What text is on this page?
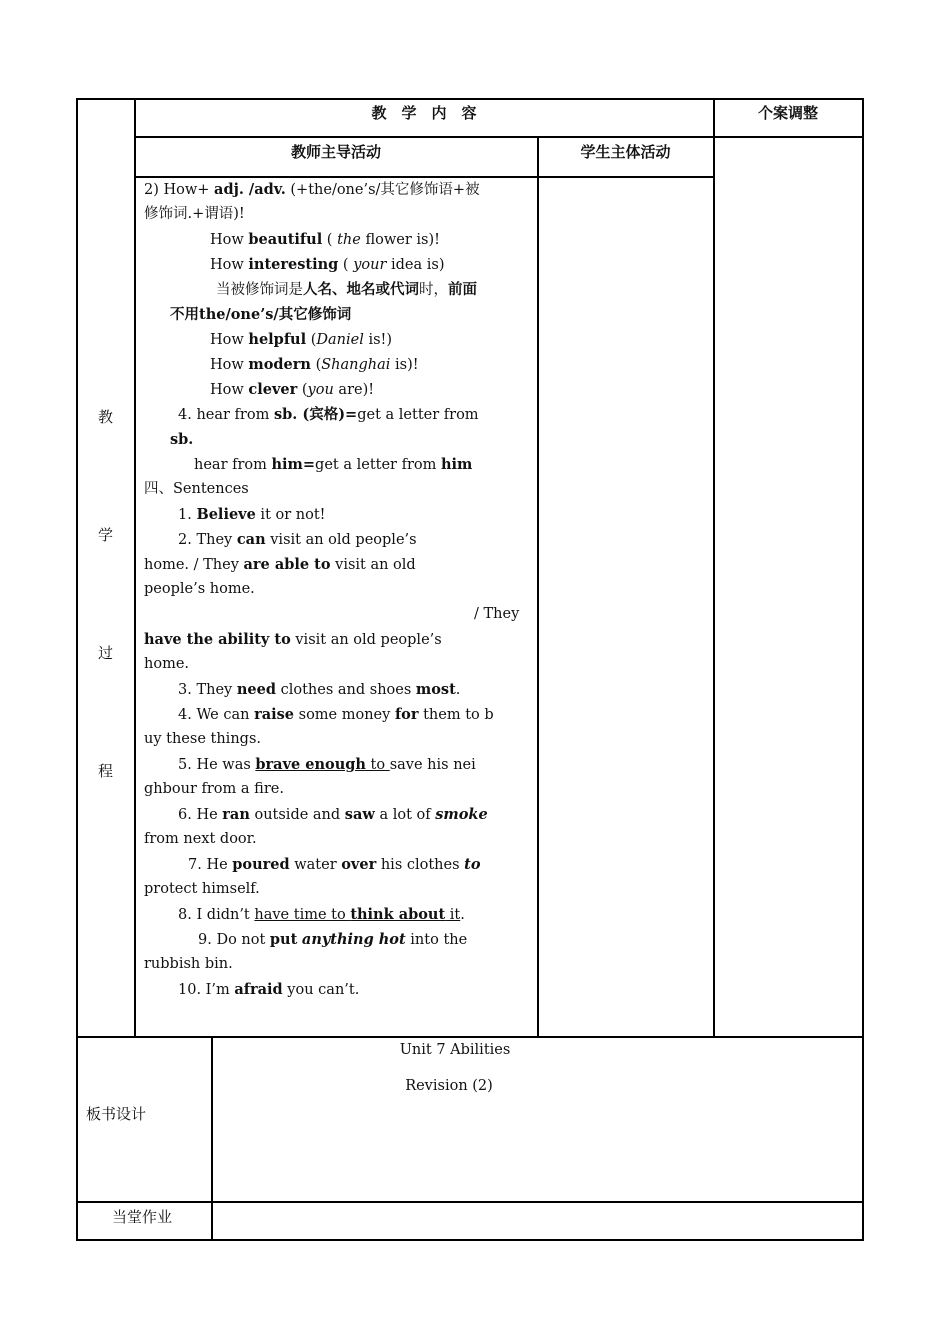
教　学　内　容	个案调整
教师主导活动	学生主体活动
教
学
过
程
2) How+ adj. /adv. (+the/one’s/其它修饰语+被
修饰词.+谓语)!
How beautiful ( the flower is)!
How interesting ( your idea is)
当被修饰词是人名、地名或代词时，前面
不用the/one’s/其它修饰词
How helpful (Daniel is!)
How modern (Shanghai is)!
How clever (you are)!
4. hear from sb. (宾格)=get a letter from
sb.
hear from him=get a letter from him
四、Sentences
1. Believe it or not!
2. They can visit an old people’s
home. / They are able to visit an old
people’s home.
/ They
have the ability to visit an old people’s
home.
3. They need clothes and shoes most.
4. We can raise some money for them to b
uy these things.
5. He was brave enough to save his nei
ghbour from a fire.
6. He ran outside and saw a lot of smoke
from next door.
7. He poured water over his clothes to
protect himself.
8. I didn’t have time to think about it.
9. Do not put anything hot into the
rubbish bin.
10. I’m afraid you can’t.
板书设计
Unit 7 Abilities
Revision (2)
当堂作业
